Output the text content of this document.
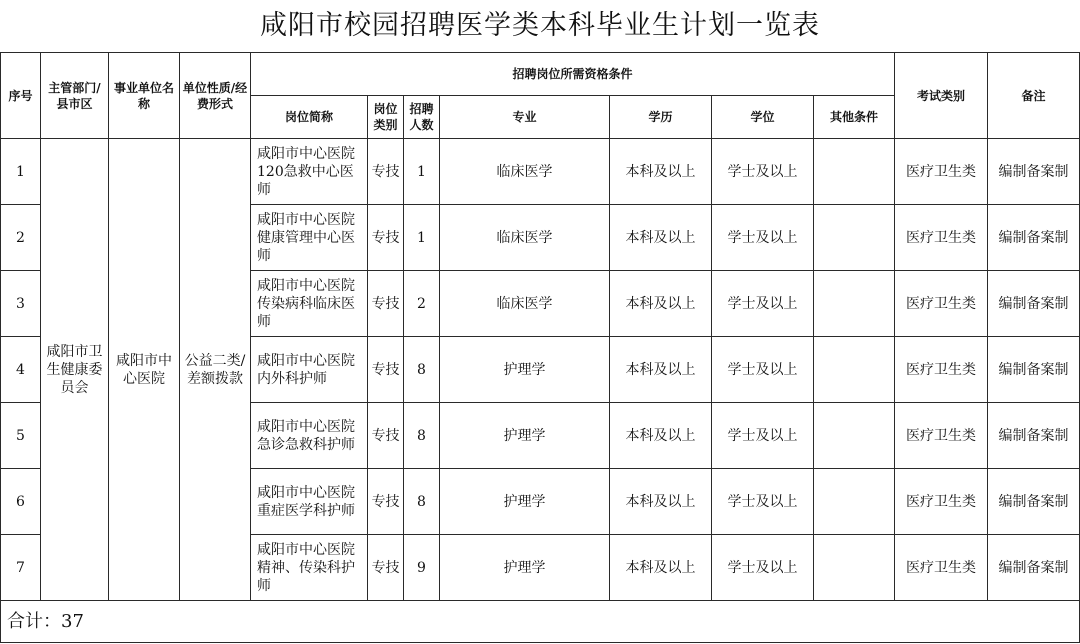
咸阳市校园招聘医学类本科毕业生计划一览表
序号	主管部门/县市区	事业单位名称	单位性质/经费形式	招聘岗位所需资格条件							考试类别	备注
				岗位简称	岗位类别	招聘人数	专业	学历	学位	其他条件		
1	咸阳市卫生健康委员会	咸阳市中心医院	公益二类/差额拨款	咸阳市中心医院120急救中心医师	专技	1	临床医学	本科及以上	学士及以上		医疗卫生类	编制备案制
2				咸阳市中心医院健康管理中心医师	专技	1	临床医学	本科及以上	学士及以上		医疗卫生类	编制备案制
3				咸阳市中心医院传染病科临床医师	专技	2	临床医学	本科及以上	学士及以上		医疗卫生类	编制备案制
4				咸阳市中心医院内外科护师	专技	8	护理学	本科及以上	学士及以上		医疗卫生类	编制备案制
5				咸阳市中心医院急诊急救科护师	专技	8	护理学	本科及以上	学士及以上		医疗卫生类	编制备案制
6				咸阳市中心医院重症医学科护师	专技	8	护理学	本科及以上	学士及以上		医疗卫生类	编制备案制
7				咸阳市中心医院精神、传染科护师	专技	9	护理学	本科及以上	学士及以上		医疗卫生类	编制备案制
合计：37												
